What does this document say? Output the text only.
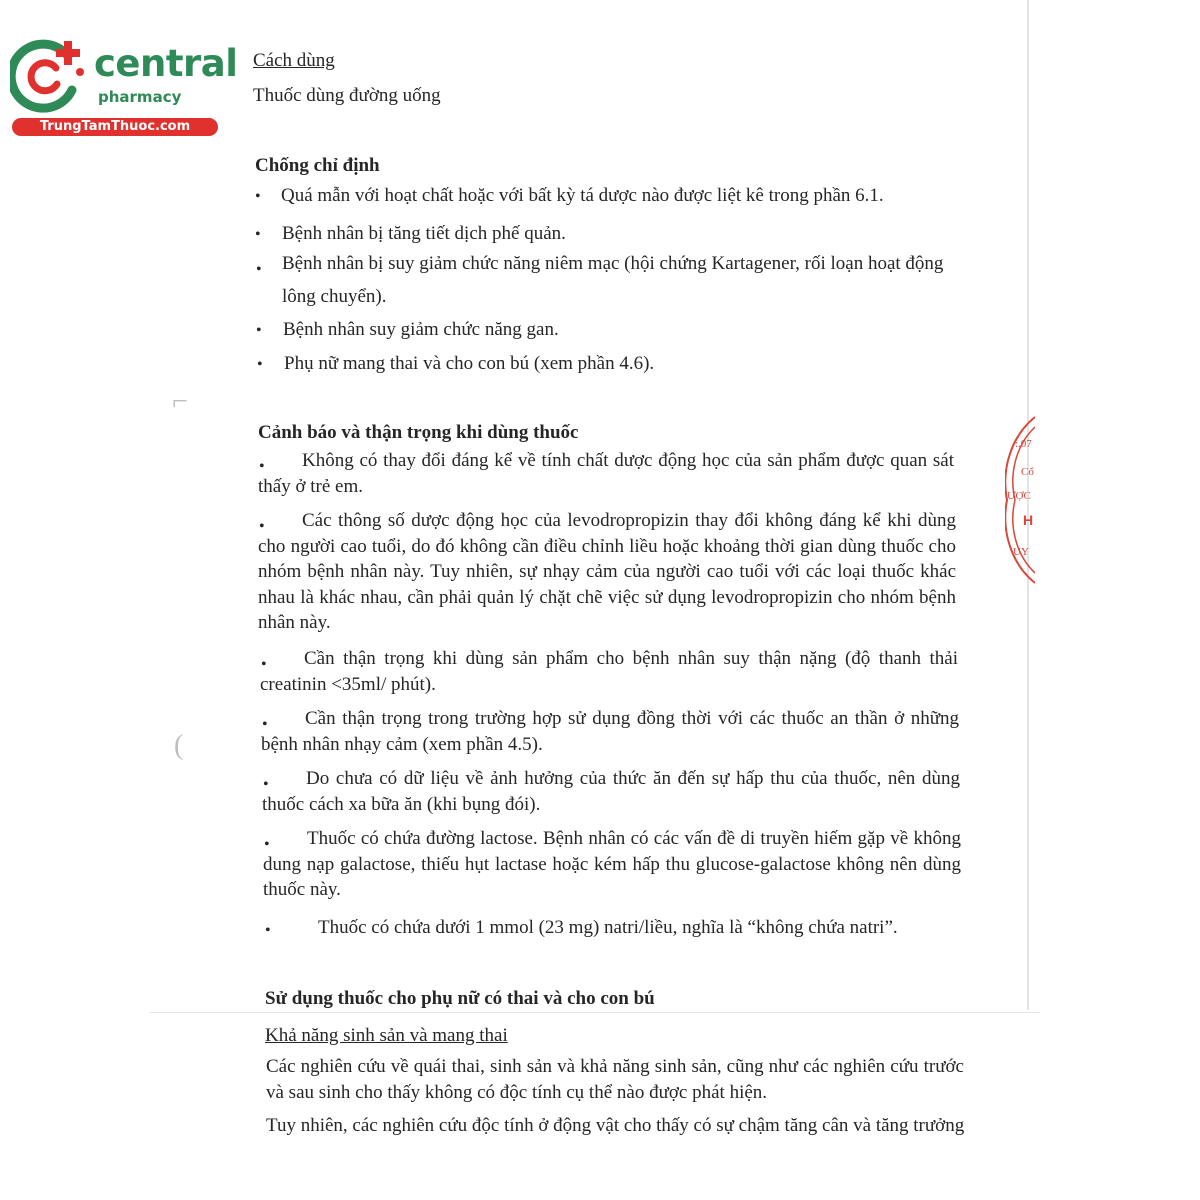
central
pharmacy
TrungTamThuoc.com
⌐
(
:.07
Cổ
ƯỢC
H
UY
Cách dùng
Thuốc dùng đường uống
Chống chỉ định
• Quá mẫn với hoạt chất hoặc với bất kỳ tá dược nào được liệt kê trong phần 6.1.
• Bệnh nhân bị tăng tiết dịch phế quản.
• Bệnh nhân bị suy giảm chức năng niêm mạc (hội chứng Kartagener, rối loạn hoạt động
lông chuyển).
• Bệnh nhân suy giảm chức năng gan.
• Phụ nữ mang thai và cho con bú (xem phần 4.6).
Cảnh báo và thận trọng khi dùng thuốc
•	Không có thay đổi đáng kể về tính chất dược động học của sản phẩm được quan sát thấy ở trẻ em.
•	Các thông số dược động học của levodropropizin thay đổi không đáng kể khi dùng cho người cao tuổi, do đó không cần điều chỉnh liều hoặc khoảng thời gian dùng thuốc cho nhóm bệnh nhân này. Tuy nhiên, sự nhạy cảm của người cao tuổi với các loại thuốc khác nhau là khác nhau, cần phải quản lý chặt chẽ việc sử dụng levodropropizin cho nhóm bệnh nhân này.
•	Cần thận trọng khi dùng sản phẩm cho bệnh nhân suy thận nặng (độ thanh thải creatinin <35ml/ phút).
•	Cần thận trọng trong trường hợp sử dụng đồng thời với các thuốc an thần ở những bệnh nhân nhạy cảm (xem phần 4.5).
•	Do chưa có dữ liệu về ảnh hưởng của thức ăn đến sự hấp thu của thuốc, nên dùng thuốc cách xa bữa ăn (khi bụng đói).
•	Thuốc có chứa đường lactose. Bệnh nhân có các vấn đề di truyền hiếm gặp về không dung nạp galactose, thiếu hụt lactase hoặc kém hấp thu glucose-galactose không nên dùng thuốc này.
• Thuốc có chứa dưới 1 mmol (23 mg) natri/liều, nghĩa là “không chứa natri”.
Sử dụng thuốc cho phụ nữ có thai và cho con bú
Khả năng sinh sản và mang thai
Các nghiên cứu về quái thai, sinh sản và khả năng sinh sản, cũng như các nghiên cứu trước và sau sinh cho thấy không có độc tính cụ thể nào được phát hiện.
Tuy nhiên, các nghiên cứu độc tính ở động vật cho thấy có sự chậm tăng cân và tăng trưởng
